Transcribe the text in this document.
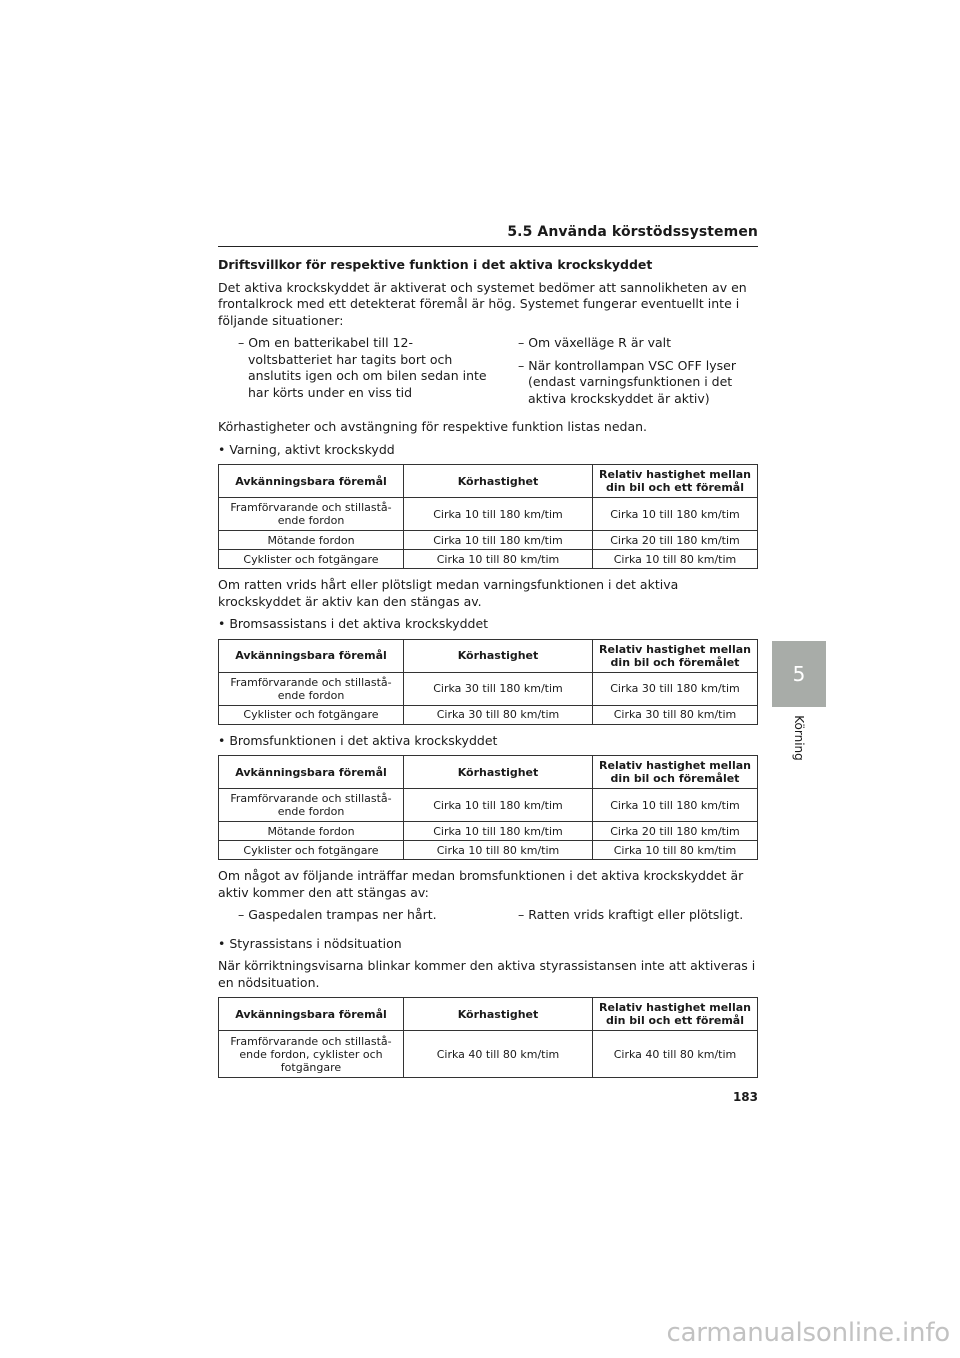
5.5 Använda körstödssystemen

Driftsvillkor för respektive funktion i det aktiva krockskyddet

Det aktiva krockskyddet är aktiverat och systemet bedömer att sannolikheten av en frontalkrock med ett detekterat föremål är hög. Systemet fungerar eventuellt inte i följande situationer:

– Om en batterikabel till 12-voltsbatteriet har tagits bort och anslutits igen och om bilen sedan inte har körts under en viss tid

– Om växelläge R är valt

– När kontrollampan VSC OFF lyser (endast varningsfunktionen i det aktiva krockskyddet är aktiv)

Körhastigheter och avstängning för respektive funktion listas nedan.

• Varning, aktivt krockskydd

Avkänningsbara föremål	Körhastighet	Relativ hastighet mellan din bil och ett föremål
Framförvarande och stillastå-ende fordon	Cirka 10 till 180 km/tim	Cirka 10 till 180 km/tim
Mötande fordon	Cirka 10 till 180 km/tim	Cirka 20 till 180 km/tim
Cyklister och fotgängare	Cirka 10 till 80 km/tim	Cirka 10 till 80 km/tim

Om ratten vrids hårt eller plötsligt medan varningsfunktionen i det aktiva krockskyddet är aktiv kan den stängas av.

• Bromsassistans i det aktiva krockskyddet

Avkänningsbara föremål	Körhastighet	Relativ hastighet mellan din bil och föremålet
Framförvarande och stillastå-ende fordon	Cirka 30 till 180 km/tim	Cirka 30 till 180 km/tim
Cyklister och fotgängare	Cirka 30 till 80 km/tim	Cirka 30 till 80 km/tim

• Bromsfunktionen i det aktiva krockskyddet

Avkänningsbara föremål	Körhastighet	Relativ hastighet mellan din bil och föremålet
Framförvarande och stillastå-ende fordon	Cirka 10 till 180 km/tim	Cirka 10 till 180 km/tim
Mötande fordon	Cirka 10 till 180 km/tim	Cirka 20 till 180 km/tim
Cyklister och fotgängare	Cirka 10 till 80 km/tim	Cirka 10 till 80 km/tim

Om något av följande inträffar medan bromsfunktionen i det aktiva krockskyddet är aktiv kommer den att stängas av:

– Gaspedalen trampas ner hårt.	– Ratten vrids kraftigt eller plötsligt.

• Styrassistans i nödsituation

När körriktningsvisarna blinkar kommer den aktiva styrassistansen inte att aktiveras i en nödsituation.

Avkänningsbara föremål	Körhastighet	Relativ hastighet mellan din bil och ett föremål
Framförvarande och stillastå-ende fordon, cyklister och fotgängare	Cirka 40 till 80 km/tim	Cirka 40 till 80 km/tim
5
Körning
183
carmanualsonline.info
